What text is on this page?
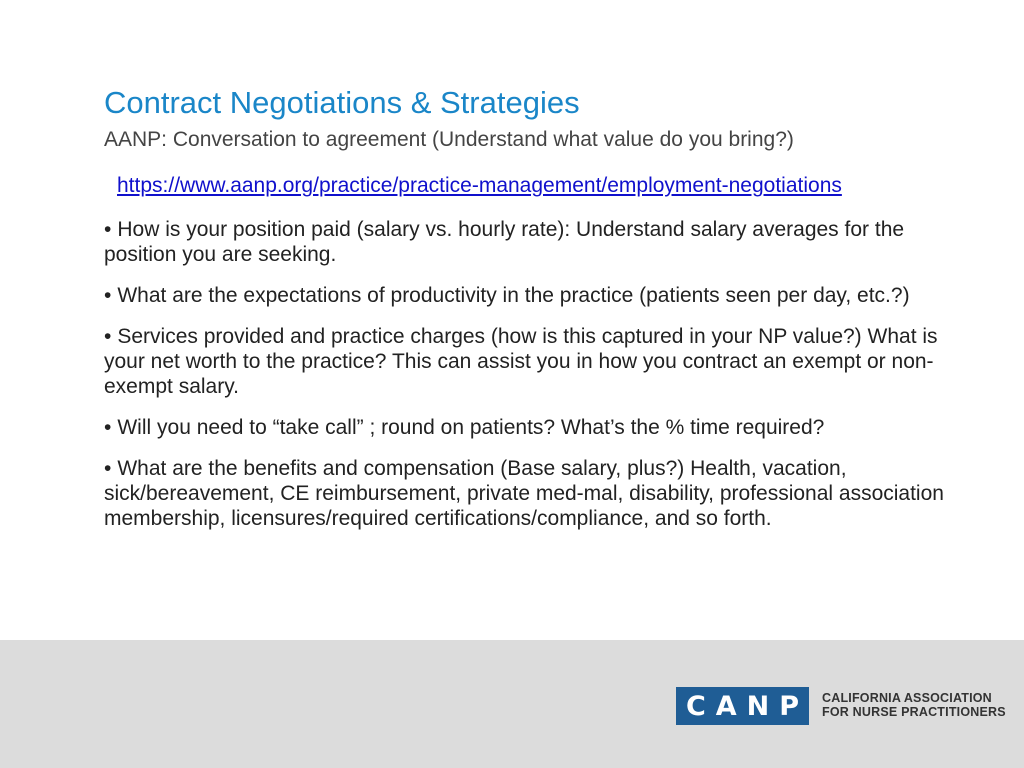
Contract Negotiations & Strategies

AANP: Conversation to agreement (Understand what value do you bring?)

https://www.aanp.org/practice/practice-management/employment-negotiations
• How is your position paid (salary vs. hourly rate): Understand salary averages for the position you are seeking.
• What are the expectations of productivity in the practice (patients seen per day, etc.?)
• Services provided and practice charges (how is this captured in your NP value?) What is your net worth to the practice? This can assist you in how you contract an exempt or non-exempt salary.
• Will you need to “take call” ; round on patients? What’s the % time required?
• What are the benefits and compensation (Base salary, plus?) Health, vacation, sick/bereavement, CE reimbursement, private med-mal, disability, professional association membership, licensures/required certifications/compliance, and so forth.
CANP CALIFORNIA ASSOCIATION
FOR NURSE PRACTITIONERS
